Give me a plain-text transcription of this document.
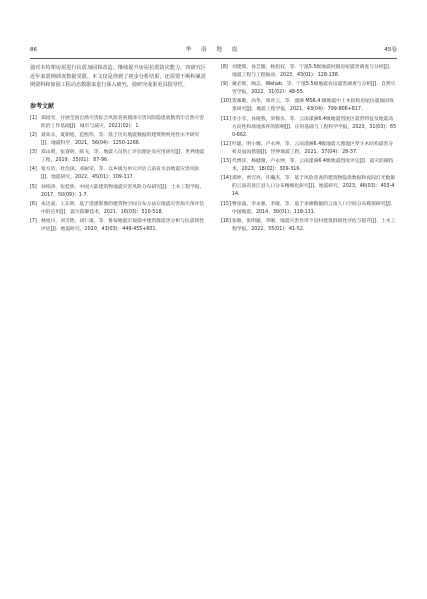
86	华 南 地 震	45卷

强对木构架房屋进行抗震加固和改造。继续提升房屋抗震防灾能力。四研究区近年来震例调查数据受限。本文仅是得到了初步分析结果，还需要不断积累震例资料和加固工程动态数据来进行深入研究，使研究成果更具指导性。

参考文献
[1] 郑园光．开展全国自然灾害综合风险普查摸清灾害风险隐患底数筑牢自然灾害防治工作基础[J]．城市与减灾，2021(02)：1.
[2] 聂高众，夏朝旭，范熙伟，等．基于历史地震数据的建筑物致死性水平研究[J]．地震科学，2021，56(04)：1250-1266.
[3] 郑山锁，张睿明，陈飞，等．地震人员伤亡评估理论及应用研究[J]．世界地震工程，2019，35(01)：87-96.
[4] 张方浩，杜浩国，邓树荣，等．以乡镇为单元评估云南省水县地震灾害风险[J]．地震研究，2022，45(01)：109-117.
[5] 孙柏涛，张桂欣．中国大陆建筑物地震灾害风险分布研究[J]．土木工程学报，2017，50(09)：1-7.
[6] 朱达嘉，王东明．基于遥感影像的建筑物空间分布方法在地震灾害损失预评估中的应用[J]．震灾防御技术，2021，16(03)：510-518.
[7] 林旭川，刘雪艳，胡仁康，等．鲁甸地震宏观震中建筑群震害分析与抗震韧性评估[J]．地震研究，2020，43(03)：449-455+601.
[8] 刘建辉，孙艺璇，杨旭双，等．宁蒗5.5级地震村镇房屋震害调查与分析[J]．地震工程与工程振动，2023，43(01)：128-138.
[9] 戴必辉，陶志，Wahab，等．宁蒗5.5级地震农房震害调查与分析[J]．自然灾害学报，2022，31(02)：48-55.
[10]贺素歌，尚华，周青云，等．漾濞 MS6.4 级地震中土木结构房屋抗震加固效果研究[J]．地震工程学报，2021，43(04)：799-806+817.
[11]李小军，孙晓燕，荣棉水，等．云南漾濞6.4级地震烈度区震害特征及地震动方向性和场地条件的影响[J]．应用基础与工程科学学报，2023，31(03)：650-662.
[12]叶聪，明小娜，卢永坤，等．云南漾濞6.4级地震大理地区穿斗木结构震害分析及加固措施[J]．世界地震工程，2021，37(04)：28-37.
[13]代博泽，杨健微，卢永坤，等．云南漾濞6.4级地震烈度评定[J]．震灾防御技术，2023，18(02)：309-316.
[14]郑坤，贾召亮，许瀚杰，等．基于风险普查的建筑物隐患数据和夜间灯光数据的云南省县江县人口分布精细化研究[J]．地震研究，2023，46(03)：403-414.
[15]曹彦波，李永强，李敏，等．基于多源数据的云南人口空间分布模拟研究[J]．中国地震，2014，30(01)：118-131.
[16]张敏，张明媛，李刚．地震灾害作用下县村建筑群韧性评估与提升[J]．土木工程学报，2022，55(01)：41-52.
